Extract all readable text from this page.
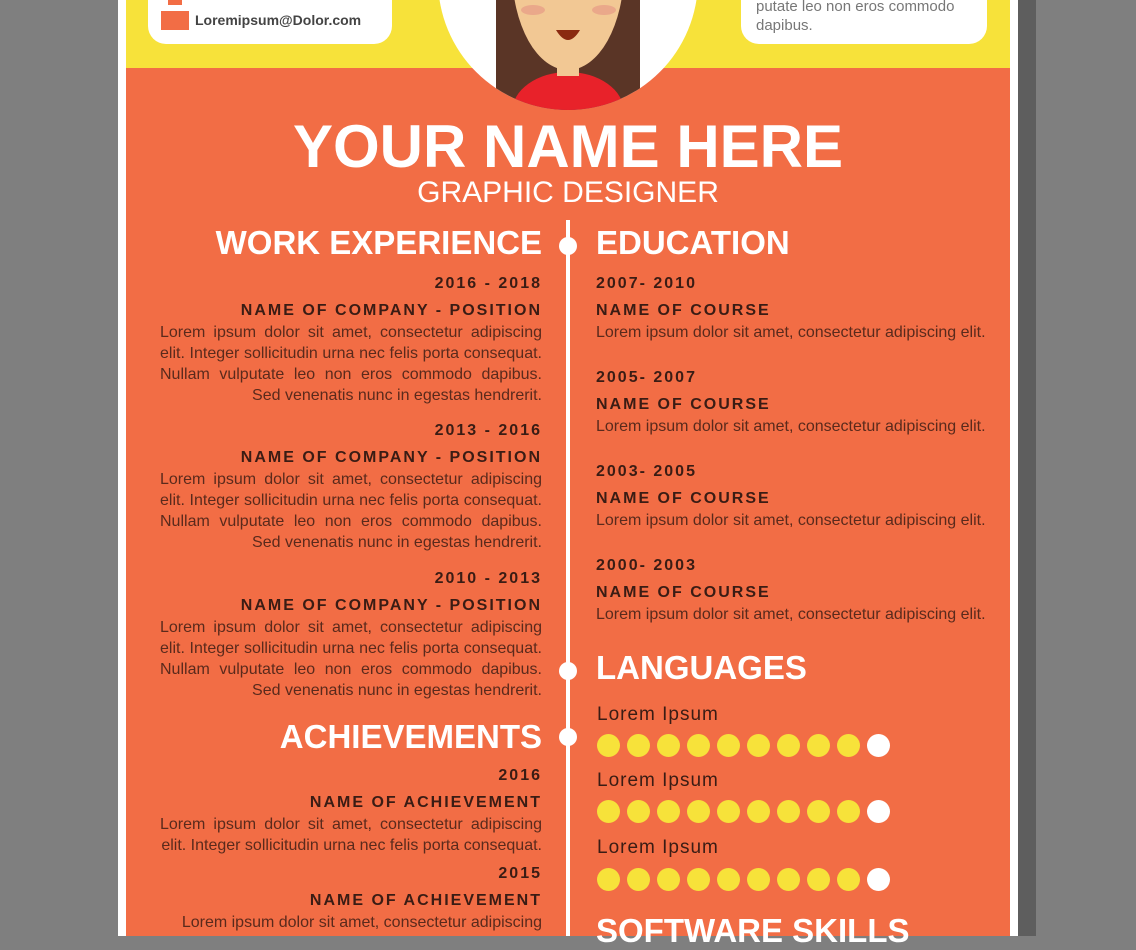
Loremipsum@Dolor.com
putate leo non eros commodo dapibus.
YOUR NAME HERE
GRAPHIC DESIGNER
WORK EXPERIENCE
2016 - 2018
NAME OF COMPANY - POSITION
Lorem ipsum dolor sit amet, consectetur adipiscing elit. Integer sollicitudin urna nec felis porta consequat. Nullam vulputate leo non eros commodo dapibus. Sed venenatis nunc in egestas hendrerit.
2013 - 2016
NAME OF COMPANY - POSITION
Lorem ipsum dolor sit amet, consectetur adipiscing elit. Integer sollicitudin urna nec felis porta consequat. Nullam vulputate leo non eros commodo dapibus. Sed venenatis nunc in egestas hendrerit.
2010 - 2013
NAME OF COMPANY - POSITION
Lorem ipsum dolor sit amet, consectetur adipiscing elit. Integer sollicitudin urna nec felis porta consequat. Nullam vulputate leo non eros commodo dapibus. Sed venenatis nunc in egestas hendrerit.
ACHIEVEMENTS
2016
NAME OF ACHIEVEMENT
Lorem ipsum dolor sit amet, consectetur adipiscing elit. Integer sollicitudin urna nec felis porta consequat.
2015
NAME OF ACHIEVEMENT
Lorem ipsum dolor sit amet, consectetur adipiscing
EDUCATION
2007- 2010
NAME OF COURSE
Lorem ipsum dolor sit amet, consectetur adipiscing elit.
2005- 2007
NAME OF COURSE
Lorem ipsum dolor sit amet, consectetur adipiscing elit.
2003- 2005
NAME OF COURSE
Lorem ipsum dolor sit amet, consectetur adipiscing elit.
2000- 2003
NAME OF COURSE
Lorem ipsum dolor sit amet, consectetur adipiscing elit.
LANGUAGES
Lorem Ipsum
Lorem Ipsum
Lorem Ipsum
SOFTWARE SKILLS
